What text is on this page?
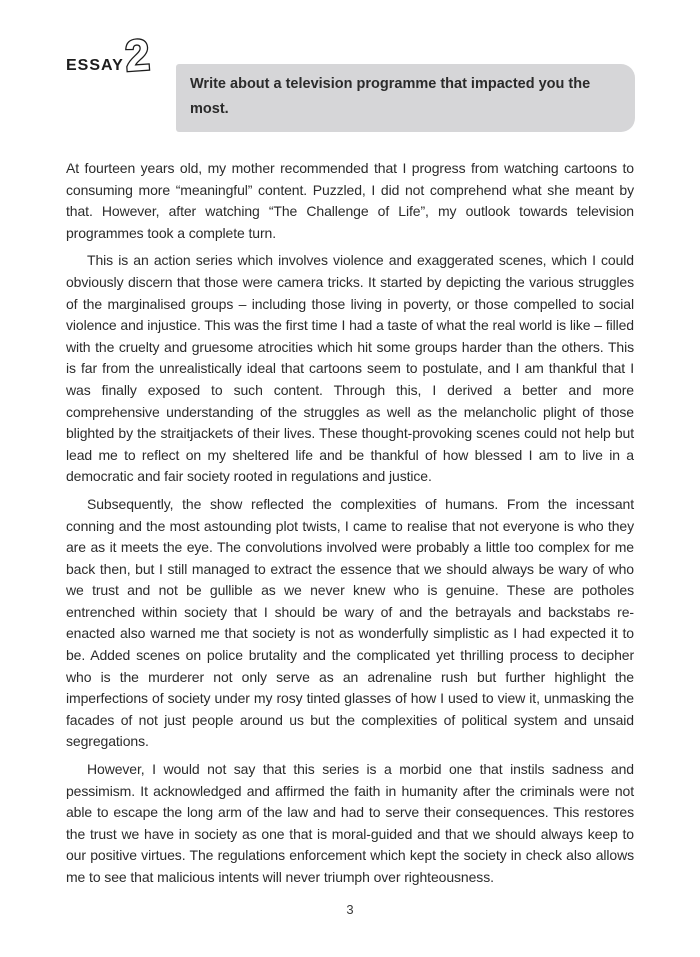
ESSAY 2

Write about a television programme that impacted you the most.

At fourteen years old, my mother recommended that I progress from watching cartoons to consuming more “meaningful” content. Puzzled, I did not comprehend what she meant by that. However, after watching “The Challenge of Life”, my outlook towards television programmes took a complete turn.

This is an action series which involves violence and exaggerated scenes, which I could obviously discern that those were camera tricks. It started by depicting the various struggles of the marginalised groups – including those living in poverty, or those compelled to social violence and injustice. This was the first time I had a taste of what the real world is like – filled with the cruelty and gruesome atrocities which hit some groups harder than the others. This is far from the unrealistically ideal that cartoons seem to postulate, and I am thankful that I was finally exposed to such content. Through this, I derived a better and more comprehensive understanding of the struggles as well as the melancholic plight of those blighted by the straitjackets of their lives. These thought-provoking scenes could not help but lead me to reflect on my sheltered life and be thankful of how blessed I am to live in a democratic and fair society rooted in regulations and justice.

Subsequently, the show reflected the complexities of humans. From the incessant conning and the most astounding plot twists, I came to realise that not everyone is who they are as it meets the eye. The convolutions involved were probably a little too complex for me back then, but I still managed to extract the essence that we should always be wary of who we trust and not be gullible as we never knew who is genuine. These are potholes entrenched within society that I should be wary of and the betrayals and backstabs re-enacted also warned me that society is not as wonderfully simplistic as I had expected it to be. Added scenes on police brutality and the complicated yet thrilling process to decipher who is the murderer not only serve as an adrenaline rush but further highlight the imperfections of society under my rosy tinted glasses of how I used to view it, unmasking the facades of not just people around us but the complexities of political system and unsaid segregations.

However, I would not say that this series is a morbid one that instils sadness and pessimism. It acknowledged and affirmed the faith in humanity after the criminals were not able to escape the long arm of the law and had to serve their consequences. This restores the trust we have in society as one that is moral-guided and that we should always keep to our positive virtues. The regulations enforcement which kept the society in check also allows me to see that malicious intents will never triumph over righteousness.

3
